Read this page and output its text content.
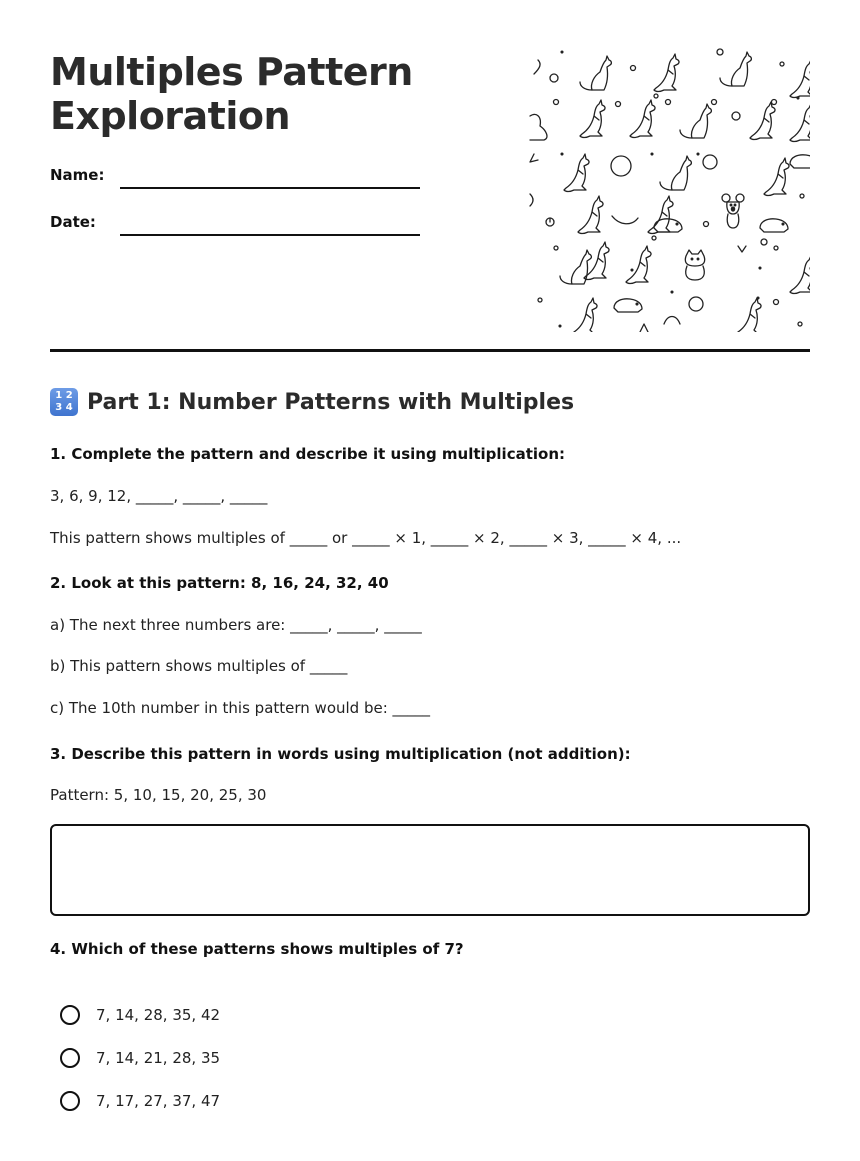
Multiples Pattern
Exploration
Name:
Date:
1 2
3 4 Part 1: Number Patterns with Multiples
1. Complete the pattern and describe it using multiplication:
3, 6, 9, 12, _____, _____, _____
This pattern shows multiples of _____ or _____ × 1, _____ × 2, _____ × 3, _____ × 4, ...
2. Look at this pattern: 8, 16, 24, 32, 40
a) The next three numbers are: _____, _____, _____
b) This pattern shows multiples of _____
c) The 10th number in this pattern would be: _____
3. Describe this pattern in words using multiplication (not addition):
Pattern: 5, 10, 15, 20, 25, 30
4. Which of these patterns shows multiples of 7?
7, 14, 28, 35, 42
7, 14, 21, 28, 35
7, 17, 27, 37, 47
